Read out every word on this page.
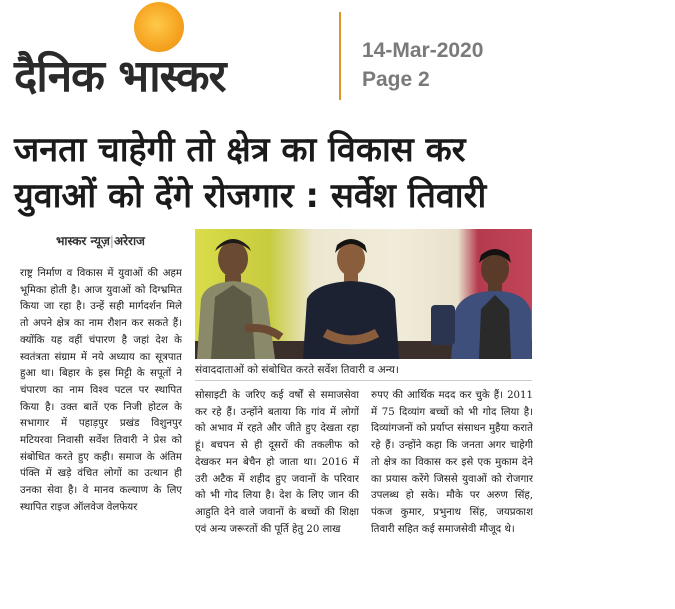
दैनिक भास्कर
14-Mar-2020
Page 2
जनता चाहेगी तो क्षेत्र का विकास कर
युवाओं को देंगे रोजगार : सर्वेश तिवारी
भास्कर न्यूज़|अरेराज
राष्ट्र निर्माण व विकास में युवाओं की अहम भूमिका होती है। आज युवाओं को दिग्भ्रमित किया जा रहा है। उन्हें सही मार्गदर्शन मिले तो अपने क्षेत्र का नाम रौशन कर सकते हैं। क्योंकि यह वहीं चंपारण है जहां देश के स्वतंत्रता संग्राम में नये अध्याय का सूत्रपात हुआ था। बिहार के इस मिट्टी के सपूतों ने चंपारण का नाम विश्व पटल पर स्थापित किया है। उक्त बातें एक निजी होटल के सभागार में पहाड़पुर प्रखंड विशुनपुर मटियरवा निवासी सर्वेश तिवारी ने प्रेस को संबोधित करते हुए कही। समाज के अंतिम पंक्ति में खड़े वंचित लोगों का उत्थान ही उनका सेवा है। वे मानव कल्याण के लिए स्थापित राइज ऑलवेज वेलफेयर
संवाददाताओं को संबोधित करते सर्वेश तिवारी व अन्य।
सोसाइटी के जरिए कई वर्षों से समाजसेवा कर रहे हैं। उन्होंने बताया कि गांव में लोगों को अभाव में रहते और जीते हुए देखता रहा हूं। बचपन से ही दूसरों की तकलीफ को देखकर मन बेचैन हो जाता था। 2016 में उरी अटैक में शहीद हुए जवानों के परिवार को भी गोद लिया है। देश के लिए जान की आहुति देने वाले जवानों के बच्चों की शिक्षा एवं अन्य जरूरतों की पूर्ति हेतु 20 लाख
रुपए की आर्थिक मदद कर चुके हैं। 2011 में 75 दिव्यांग बच्चों को भी गोद लिया है। दिव्यांगजनों को प्रर्याप्त संसाधन मुहैया कराते रहे हैं। उन्होंने कहा कि जनता अगर चाहेगी तो क्षेत्र का विकास कर इसे एक मुकाम देने का प्रयास करेंगे जिससे युवाओं को रोजगार उपलब्ध हो सके। मौके पर अरुण सिंह, पंकज कुमार, प्रभुनाथ सिंह, जयप्रकाश तिवारी सहित कई समाजसेवी मौजूद थे।
